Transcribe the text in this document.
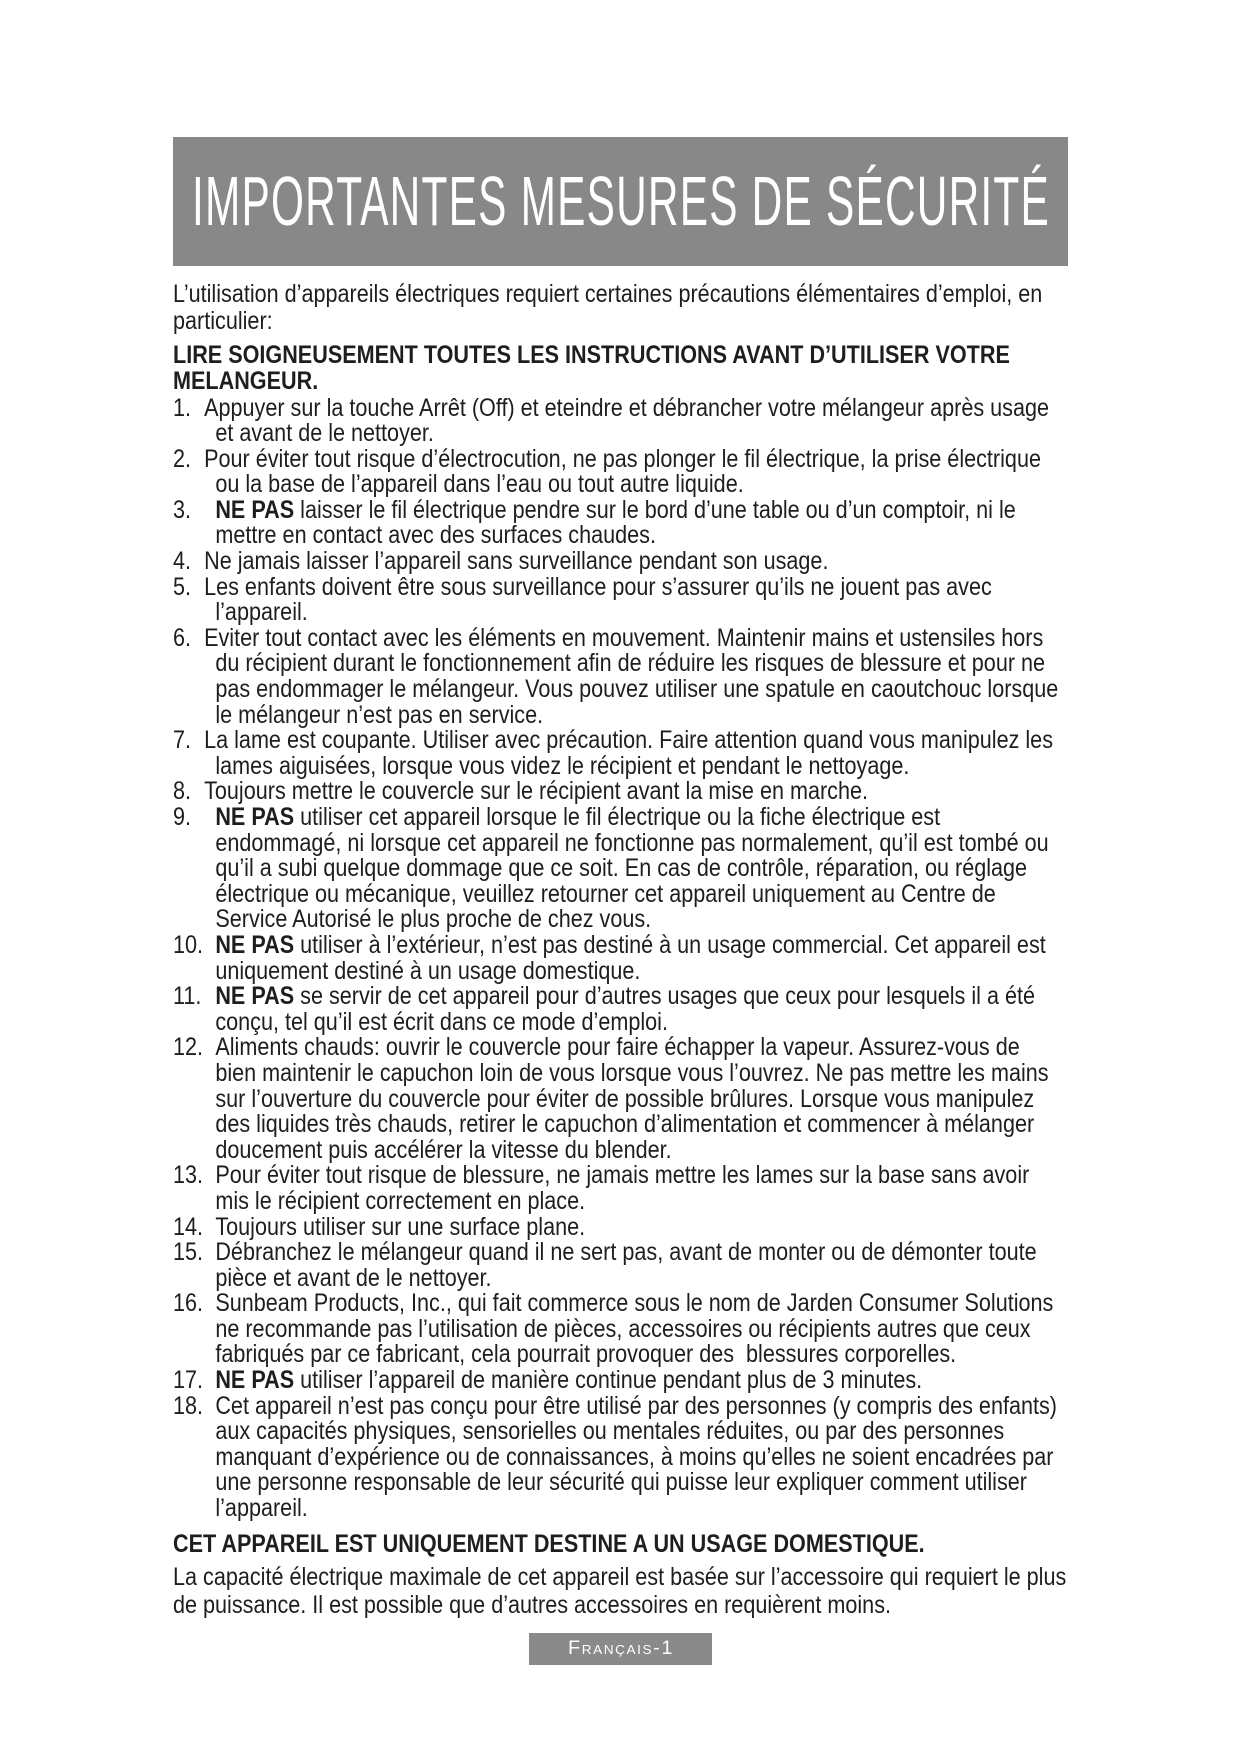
IMPORTANTES MESURES DE SÉCURITÉ
L’utilisation d’appareils électriques requiert certaines précautions élémentaires d’emploi, en
particulier:
LIRE SOIGNEUSEMENT TOUTES LES INSTRUCTIONS AVANT D’UTILISER VOTRE
MELANGEUR.
1. Appuyer sur la touche Arrêt (Off) et eteindre et débrancher votre mélangeur après usage
et avant de le nettoyer.
2. Pour éviter tout risque d’électrocution, ne pas plonger le fil électrique, la prise électrique
ou la base de l’appareil dans l’eau ou tout autre liquide.
3. NE PAS laisser le fil électrique pendre sur le bord d’une table ou d’un comptoir, ni le
mettre en contact avec des surfaces chaudes.
4. Ne jamais laisser l’appareil sans surveillance pendant son usage.
5. Les enfants doivent être sous surveillance pour s’assurer qu’ils ne jouent pas avec
l’appareil.
6. Eviter tout contact avec les éléments en mouvement. Maintenir mains et ustensiles hors
du récipient durant le fonctionnement afin de réduire les risques de blessure et pour ne
pas endommager le mélangeur. Vous pouvez utiliser une spatule en caoutchouc lorsque
le mélangeur n’est pas en service.
7. La lame est coupante. Utiliser avec précaution. Faire attention quand vous manipulez les
lames aiguisées, lorsque vous videz le récipient et pendant le nettoyage.
8. Toujours mettre le couvercle sur le récipient avant la mise en marche.
9. NE PAS utiliser cet appareil lorsque le fil électrique ou la fiche électrique est
endommagé, ni lorsque cet appareil ne fonctionne pas normalement, qu’il est tombé ou
qu’il a subi quelque dommage que ce soit. En cas de contrôle, réparation, ou réglage
électrique ou mécanique, veuillez retourner cet appareil uniquement au Centre de
Service Autorisé le plus proche de chez vous.
10. NE PAS utiliser à l’extérieur, n’est pas destiné à un usage commercial. Cet appareil est
uniquement destiné à un usage domestique.
11. NE PAS se servir de cet appareil pour d’autres usages que ceux pour lesquels il a été
conçu, tel qu’il est écrit dans ce mode d’emploi.
12. Aliments chauds: ouvrir le couvercle pour faire échapper la vapeur. Assurez-vous de
bien maintenir le capuchon loin de vous lorsque vous l’ouvrez. Ne pas mettre les mains
sur l’ouverture du couvercle pour éviter de possible brûlures. Lorsque vous manipulez
des liquides très chauds, retirer le capuchon d’alimentation et commencer à mélanger
doucement puis accélérer la vitesse du blender.
13. Pour éviter tout risque de blessure, ne jamais mettre les lames sur la base sans avoir
mis le récipient correctement en place.
14. Toujours utiliser sur une surface plane.
15. Débranchez le mélangeur quand il ne sert pas, avant de monter ou de démonter toute
pièce et avant de le nettoyer.
16. Sunbeam Products, Inc., qui fait commerce sous le nom de Jarden Consumer Solutions
ne recommande pas l’utilisation de pièces, accessoires ou récipients autres que ceux
fabriqués par ce fabricant, cela pourrait provoquer des  blessures corporelles.
17. NE PAS utiliser l’appareil de manière continue pendant plus de 3 minutes.
18. Cet appareil n’est pas conçu pour être utilisé par des personnes (y compris des enfants)
aux capacités physiques, sensorielles ou mentales réduites, ou par des personnes
manquant d’expérience ou de connaissances, à moins qu’elles ne soient encadrées par
une personne responsable de leur sécurité qui puisse leur expliquer comment utiliser
l’appareil.
CET APPAREIL EST UNIQUEMENT DESTINE A UN USAGE DOMESTIQUE.
La capacité électrique maximale de cet appareil est basée sur l’accessoire qui requiert le plus
de puissance. Il est possible que d’autres accessoires en requièrent moins.
Français-1
